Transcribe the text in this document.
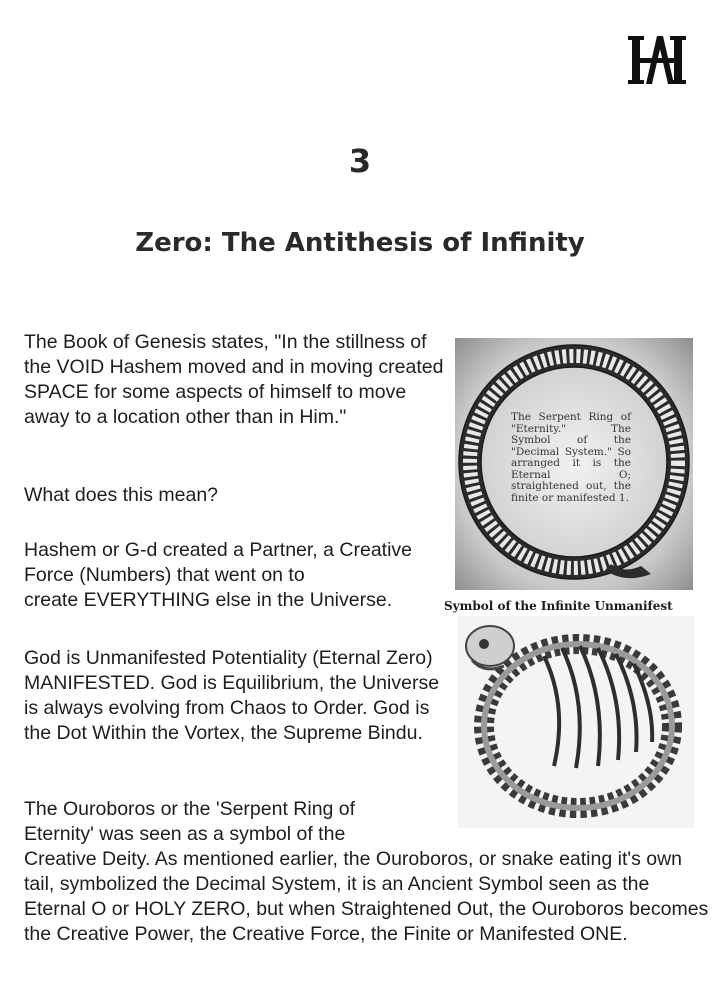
3
Zero: The Antithesis of Infinity

The Book of Genesis states, "In the stillness of the VOID Hashem moved and in moving created SPACE for some aspects of himself to move away to a location other than in Him."

What does this mean?

Hashem or G-d created a Partner, a Creative Force (Numbers) that went on to
create EVERYTHING else in the Universe.

God is Unmanifested Potentiality (Eternal Zero) MANIFESTED. God is Equilibrium, the Universe is always evolving from Chaos to Order. God is the Dot Within the Vortex, the Supreme Bindu.

The Ouroboros or the 'Serpent Ring of
Eternity' was seen as a symbol of the
Creative Deity. As mentioned earlier, the Ouroboros, or snake eating it's own tail, symbolized the Decimal System, it is an Ancient Symbol seen as the Eternal O or HOLY ZERO, but when Straightened Out, the Ouroboros becomes the Creative Power, the Creative Force, the Finite or Manifested ONE.

The Serpent Ring of "Eternity." The Symbol of the "Decimal System." So arranged it is the Eternal O; straightened out, the finite or manifested 1.
Symbol of the Infinite Unmanifest
